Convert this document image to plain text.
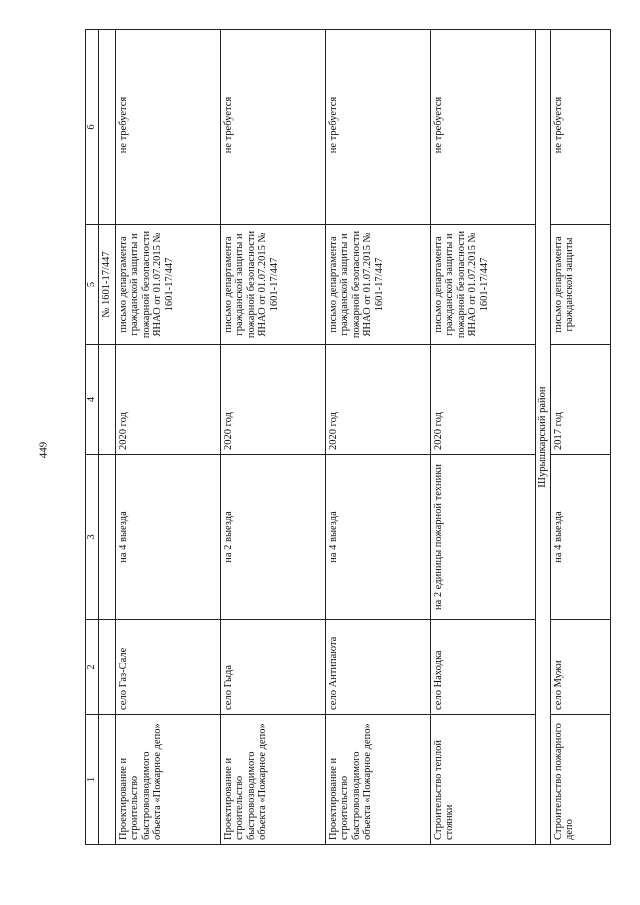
449
1	2	3	4	5	6
				№ 1601-17/447	
Проектирование и строительство быстровозводимого объекта «Пожарное депо»	село Газ-Сале	на 4 выезда	2020 год	письмо департамента гражданской защиты и пожарной безопасности ЯНАО от 01.07.2015 № 1601-17/447	не требуется
Проектирование и строительство быстровозводимого объекта «Пожарное депо»	село Гыда	на 2 выезда	2020 год	письмо департамента гражданской защиты и пожарной безопасности ЯНАО от 01.07.2015 № 1601-17/447	не требуется
Проектирование и строительство быстровозводимого объекта «Пожарное депо»	село Антипаюта	на 4 выезда	2020 год	письмо департамента гражданской защиты и пожарной безопасности ЯНАО от 01.07.2015 № 1601-17/447	не требуется
Строительство теплой стоянки	село Находка	на 2 единицы пожарной техники	2020 год	письмо департамента гражданской защиты и пожарной безопасности ЯНАО от 01.07.2015 № 1601-17/447	не требуется
Шурышкарский район					
Строительство пожарного депо	село Мужи	на 4 выезда	2017 год	письмо департамента гражданской защиты	не требуется
